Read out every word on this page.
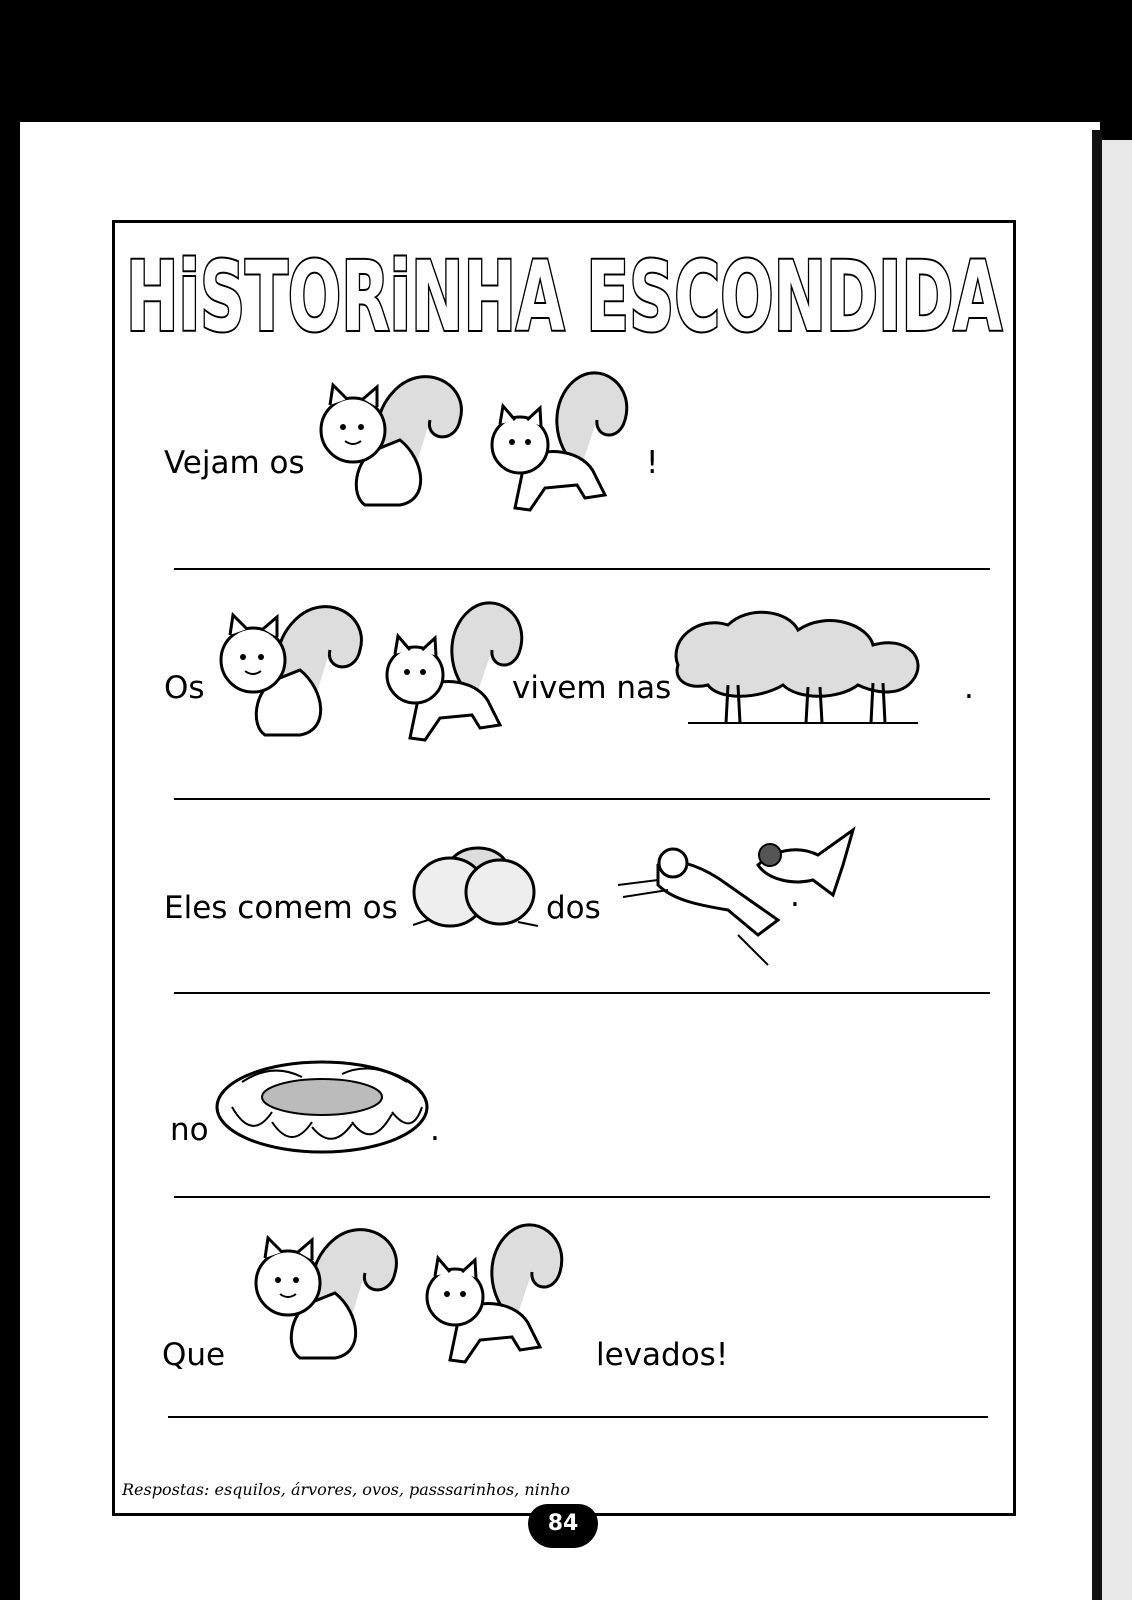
HiSTORiNHA ESCONDIDA
Vejam os	!
Os	vivem nas	.
Eles comem os	dos	.
no	.
Que	levados!
Respostas: esquilos, árvores, ovos, passsarinhos, ninho
84
